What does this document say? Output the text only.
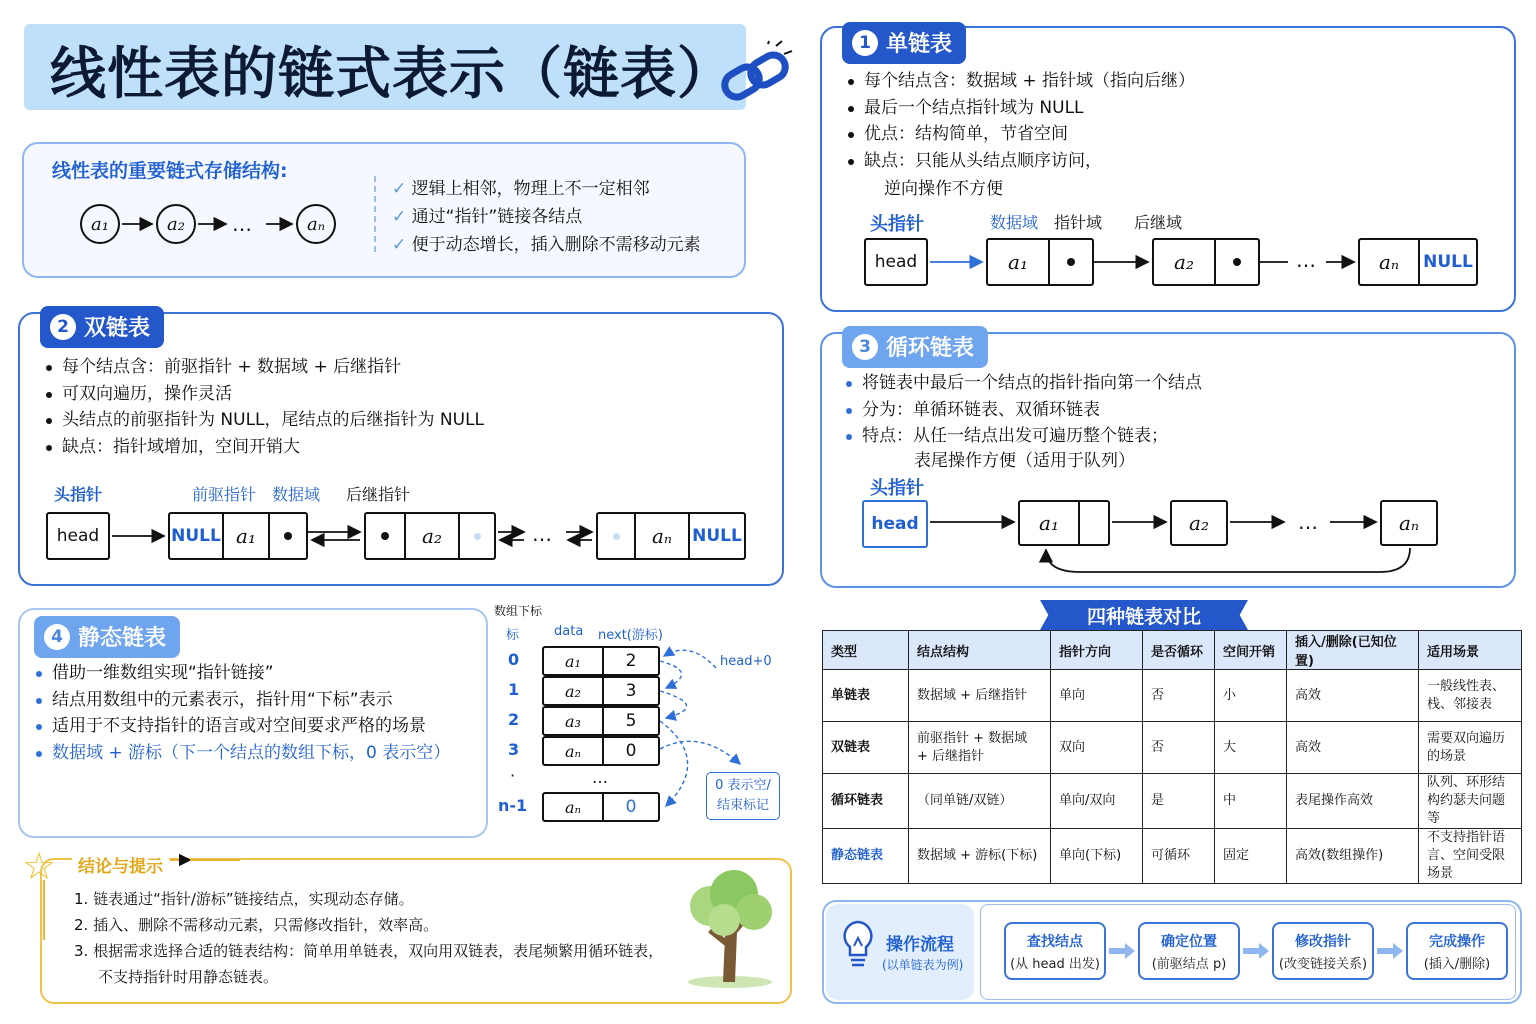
线性表的链式表示（链表）
线性表的重要链式存储结构:
a₁	a₂	…	aₙ
✓ 逻辑上相邻，物理上不一定相邻
✓ 通过“指针”链接各结点
✓ 便于动态增长，插入删除不需移动元素
1 单链表
每个结点含：数据域 + 指针域（指向后继）
最后一个结点指针域为 NULL
优点：结构简单，节省空间
缺点：只能从头结点顺序访问，
逆向操作不方便
头指针	数据域 指针域 后继域
head	a₁	a₂	…	aₙ	NULL
2 双链表
每个结点含：前驱指针 + 数据域 + 后继指针
可双向遍历，操作灵活
头结点的前驱指针为 NULL，尾结点的后继指针为 NULL
缺点：指针域增加，空间开销大
头指针	前驱指针 数据域 后继指针
head	NULL a₁	a₂	…	aₙ	NULL
3 循环链表
将链表中最后一个结点的指针指向第一个结点
分为：单循环链表、双循环链表
特点：从任一结点出发可遍历整个链表；
表尾操作方便（适用于队列）
头指针
head	a₁	a₂	…	aₙ
4 静态链表
借助一维数组实现“指针链接”
结点用数组中的元素表示，指针用“下标”表示
适用于不支持指针的语言或对空间要求严格的场景
数据域 + 游标（下一个结点的数组下标，0 表示空）
数组下标
标	data next(游标)
0	a₁	2
1	a₂	3
2	a₃	5
3	aₙ	0
·	…
n-1	aₙ	0
head+0
0 表示空/
结束标记
☆	结论与提示
1. 链表通过“指针/游标”链接结点，实现动态存储。
2. 插入、删除不需移动元素，只需修改指针，效率高。
3. 根据需求选择合适的链表结构：简单用单链表，双向用双链表，表尾频繁用循环链表，
不支持指针时用静态链表。
四种链表对比
类型	结点结构	指针方向	是否循环	空间开销	插入/删除(已知位置)	适用场景
单链表	数据域 + 后继指针	单向	否	小	高效	一般线性表、栈、邻接表
双链表	前驱指针 + 数据域 + 后继指针	双向	否	大	高效	需要双向遍历的场景
循环链表	（同单链/双链）	单向/双向	是	中	表尾操作高效	队列、环形结构约瑟夫问题等
静态链表	数据域 + 游标(下标)	单向(下标)	可循环	固定	高效(数组操作)	不支持指针语言、空间受限场景
操作流程
(以单链表为例)
查找结点
(从 head 出发)
确定位置
(前驱结点 p)
修改指针
(改变链接关系)
完成操作
(插入/删除)
